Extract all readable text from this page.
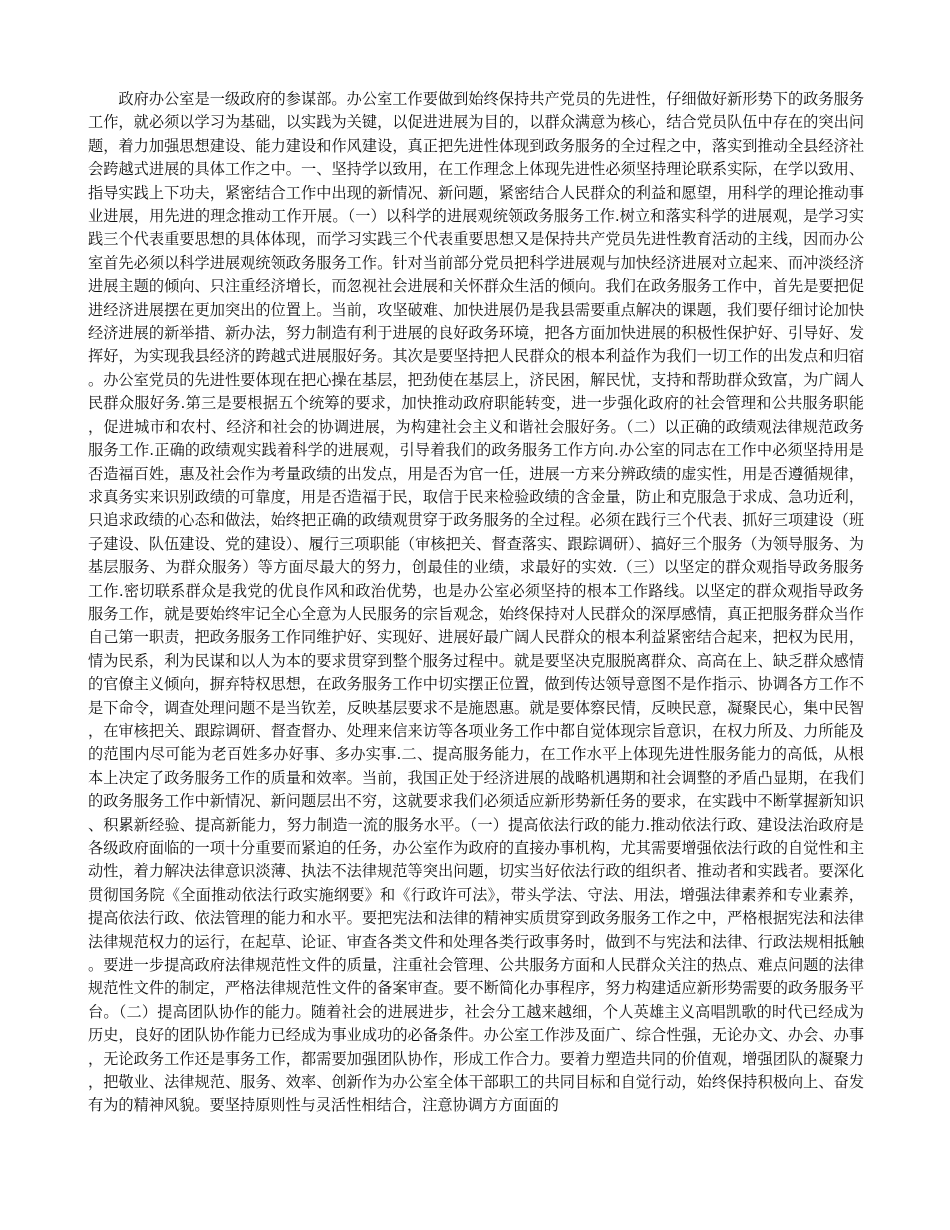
政府办公室是一级政府的参谋部。办公室工作要做到始终保持共产党员的先进性，仔细做好新形势下的政务服务工作，就必须以学习为基础，以实践为关键，以促进进展为目的，以群众满意为核心，结合党员队伍中存在的突出问题，着力加强思想建设、能力建设和作风建设，真正把先进性体现到政务服务的全过程之中，落实到推动全县经济社会跨越式进展的具体工作之中。一、坚持学以致用，在工作理念上体现先进性必须坚持理论联系实际，在学以致用、指导实践上下功夫，紧密结合工作中出现的新情况、新问题，紧密结合人民群众的利益和愿望，用科学的理论推动事业进展，用先进的理念推动工作开展。（一）以科学的进展观统领政务服务工作.树立和落实科学的进展观，是学习实践三个代表重要思想的具体体现，而学习实践三个代表重要思想又是保持共产党员先进性教育活动的主线，因而办公室首先必须以科学进展观统领政务服务工作。针对当前部分党员把科学进展观与加快经济进展对立起来、而冲淡经济进展主题的倾向、只注重经济增长，而忽视社会进展和关怀群众生活的倾向。我们在政务服务工作中，首先是要把促进经济进展摆在更加突出的位置上。当前，攻坚破难、加快进展仍是我县需要重点解决的课题，我们要仔细讨论加快经济进展的新举措、新办法，努力制造有利于进展的良好政务环境，把各方面加快进展的积极性保护好、引导好、发挥好，为实现我县经济的跨越式进展服好务。其次是要坚持把人民群众的根本利益作为我们一切工作的出发点和归宿。办公室党员的先进性要体现在把心操在基层，把劲使在基层上，济民困，解民忧，支持和帮助群众致富，为广阔人民群众服好务.第三是要根据五个统筹的要求，加快推动政府职能转变，进一步强化政府的社会管理和公共服务职能，促进城市和农村、经济和社会的协调进展，为构建社会主义和谐社会服好务。（二）以正确的政绩观法律规范政务服务工作.正确的政绩观实践着科学的进展观，引导着我们的政务服务工作方向.办公室的同志在工作中必须坚持用是否造福百姓，惠及社会作为考量政绩的出发点，用是否为官一任，进展一方来分辨政绩的虚实性，用是否遵循规律，求真务实来识别政绩的可靠度，用是否造福于民，取信于民来检验政绩的含金量，防止和克服急于求成、急功近利，只追求政绩的心态和做法，始终把正确的政绩观贯穿于政务服务的全过程。必须在践行三个代表、抓好三项建设（班子建设、队伍建设、党的建设）、履行三项职能（审核把关、督查落实、跟踪调研）、搞好三个服务（为领导服务、为基层服务、为群众服务）等方面尽最大的努力，创最佳的业绩，求最好的实效.（三）以坚定的群众观指导政务服务工作.密切联系群众是我党的优良作风和政治优势，也是办公室必须坚持的根本工作路线。以坚定的群众观指导政务服务工作，就是要始终牢记全心全意为人民服务的宗旨观念，始终保持对人民群众的深厚感情，真正把服务群众当作自己第一职责，把政务服务工作同维护好、实现好、进展好最广阔人民群众的根本利益紧密结合起来，把权为民用，情为民系，利为民谋和以人为本的要求贯穿到整个服务过程中。就是要坚决克服脱离群众、高高在上、缺乏群众感情的官僚主义倾向，摒弃特权思想，在政务服务工作中切实摆正位置，做到传达领导意图不是作指示、协调各方工作不是下命令，调查处理问题不是当钦差，反映基层要求不是施恩惠。就是要体察民情，反映民意，凝聚民心，集中民智，在审核把关、跟踪调研、督查督办、处理来信来访等各项业务工作中都自觉体现宗旨意识，在权力所及、力所能及的范围内尽可能为老百姓多办好事、多办实事.二、提高服务能力，在工作水平上体现先进性服务能力的高低，从根本上决定了政务服务工作的质量和效率。当前，我国正处于经济进展的战略机遇期和社会调整的矛盾凸显期，在我们的政务服务工作中新情况、新问题层出不穷，这就要求我们必须适应新形势新任务的要求，在实践中不断掌握新知识、积累新经验、提高新能力，努力制造一流的服务水平。（一）提高依法行政的能力.推动依法行政、建设法治政府是各级政府面临的一项十分重要而紧迫的任务，办公室作为政府的直接办事机构，尤其需要增强依法行政的自觉性和主动性，着力解决法律意识淡薄、执法不法律规范等突出问题，切实当好依法行政的组织者、推动者和实践者。要深化贯彻国务院《全面推动依法行政实施纲要》和《行政许可法》，带头学法、守法、用法，增强法律素养和专业素养，提高依法行政、依法管理的能力和水平。要把宪法和法律的精神实质贯穿到政务服务工作之中，严格根据宪法和法律法律规范权力的运行，在起草、论证、审查各类文件和处理各类行政事务时，做到不与宪法和法律、行政法规相抵触。要进一步提高政府法律规范性文件的质量，注重社会管理、公共服务方面和人民群众关注的热点、难点问题的法律规范性文件的制定，严格法律规范性文件的备案审查。要不断简化办事程序，努力构建适应新形势需要的政务服务平台。（二）提高团队协作的能力。随着社会的进展进步，社会分工越来越细，个人英雄主义高唱凯歌的时代已经成为历史，良好的团队协作能力已经成为事业成功的必备条件。办公室工作涉及面广、综合性强，无论办文、办会、办事，无论政务工作还是事务工作，都需要加强团队协作，形成工作合力。要着力塑造共同的价值观，增强团队的凝聚力，把敬业、法律规范、服务、效率、创新作为办公室全体干部职工的共同目标和自觉行动，始终保持积极向上、奋发有为的精神风貌。要坚持原则性与灵活性相结合，注意协调方方面面的
